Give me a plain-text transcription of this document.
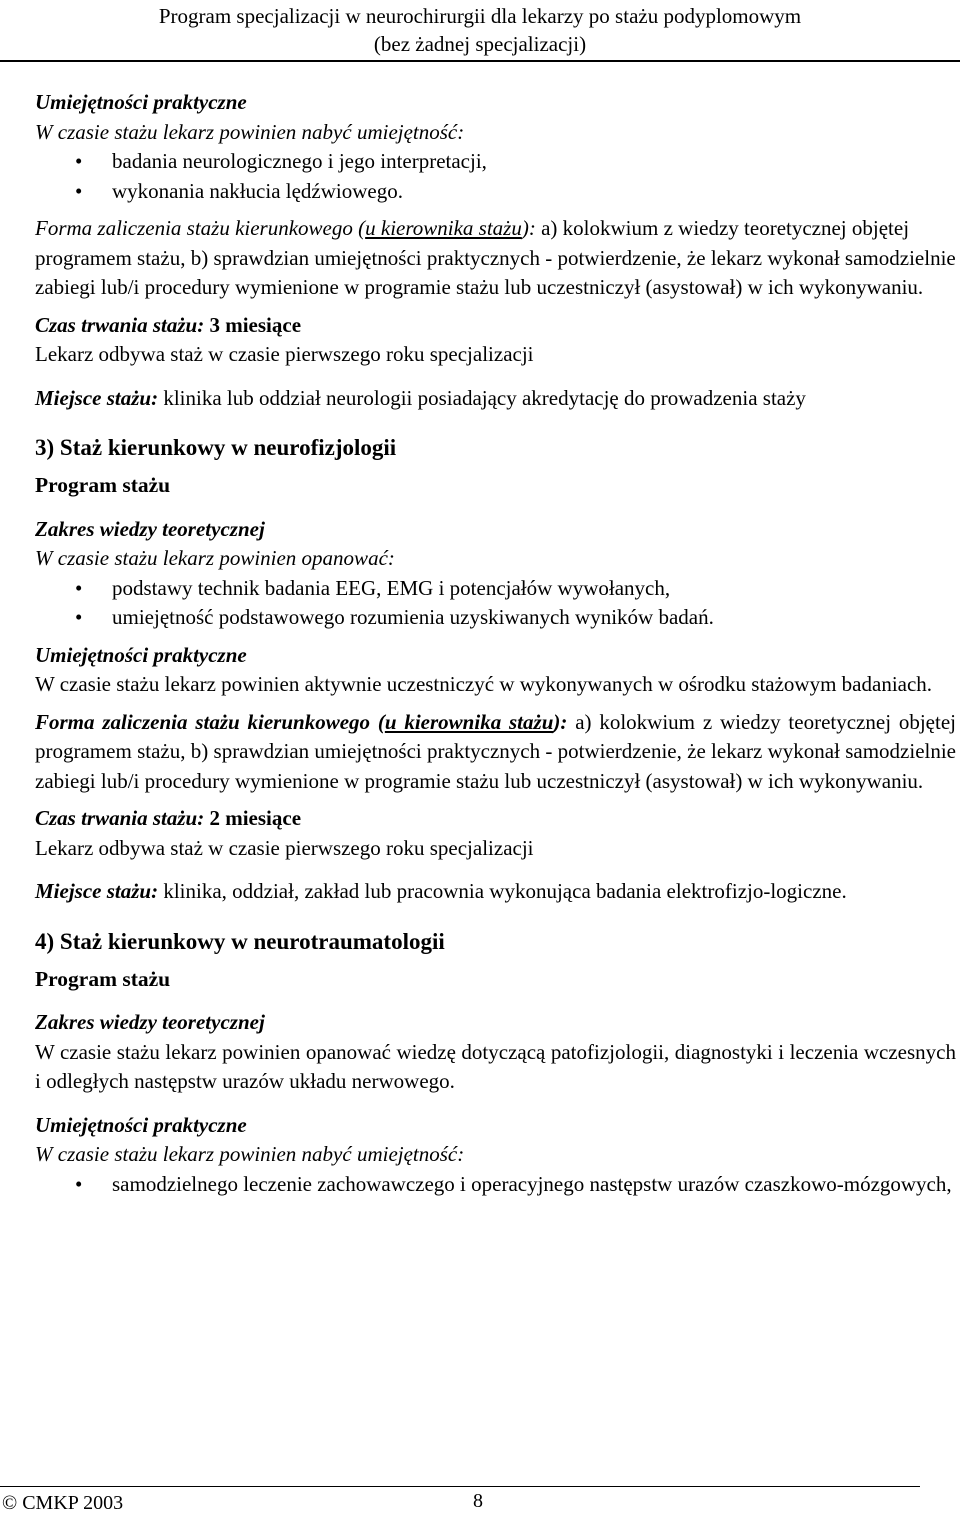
Program specjalizacji w neurochirurgii dla lekarzy po stażu podyplomowym
(bez żadnej specjalizacji)

Umiejętności praktyczne

W czasie stażu lekarz powinien nabyć umiejętność:

• badania neurologicznego i jego interpretacji,
• wykonania nakłucia lędźwiowego.

Forma zaliczenia stażu kierunkowego (u kierownika stażu): a) kolokwium z wiedzy teoretycznej objętej programem stażu, b) sprawdzian umiejętności praktycznych - potwierdzenie, że lekarz wykonał samodzielnie zabiegi lub/i procedury wymienione w programie stażu lub uczestniczył (asystował) w ich wykonywaniu.

Czas trwania stażu: 3 miesiące

Lekarz odbywa staż w czasie pierwszego roku specjalizacji

Miejsce stażu: klinika lub oddział neurologii posiadający akredytację do prowadzenia staży

3) Staż kierunkowy w neurofizjologii

Program stażu

Zakres wiedzy teoretycznej

W czasie stażu lekarz powinien opanować:

• podstawy technik badania EEG, EMG i potencjałów wywołanych,
• umiejętność podstawowego rozumienia uzyskiwanych wyników badań.

Umiejętności praktyczne

W czasie stażu lekarz powinien aktywnie uczestniczyć w wykonywanych w ośrodku stażowym badaniach.

Forma zaliczenia stażu kierunkowego (u kierownika stażu): a) kolokwium z wiedzy teoretycznej objętej programem stażu, b) sprawdzian umiejętności praktycznych - potwierdzenie, że lekarz wykonał samodzielnie zabiegi lub/i procedury wymienione w programie stażu lub uczestniczył (asystował) w ich wykonywaniu.

Czas trwania stażu: 2 miesiące

Lekarz odbywa staż w czasie pierwszego roku specjalizacji

Miejsce stażu: klinika, oddział, zakład lub pracownia wykonująca badania elektrofizjo-logiczne.

4) Staż kierunkowy w neurotraumatologii

Program stażu

Zakres wiedzy teoretycznej

W czasie stażu lekarz powinien opanować wiedzę dotyczącą patofizjologii, diagnostyki i leczenia wczesnych i odległych następstw urazów układu nerwowego.

Umiejętności praktyczne

W czasie stażu lekarz powinien nabyć umiejętność:

• samodzielnego leczenie zachowawczego i operacyjnego następstw urazów czaszkowo-mózgowych,
© CMKP 2003	8
